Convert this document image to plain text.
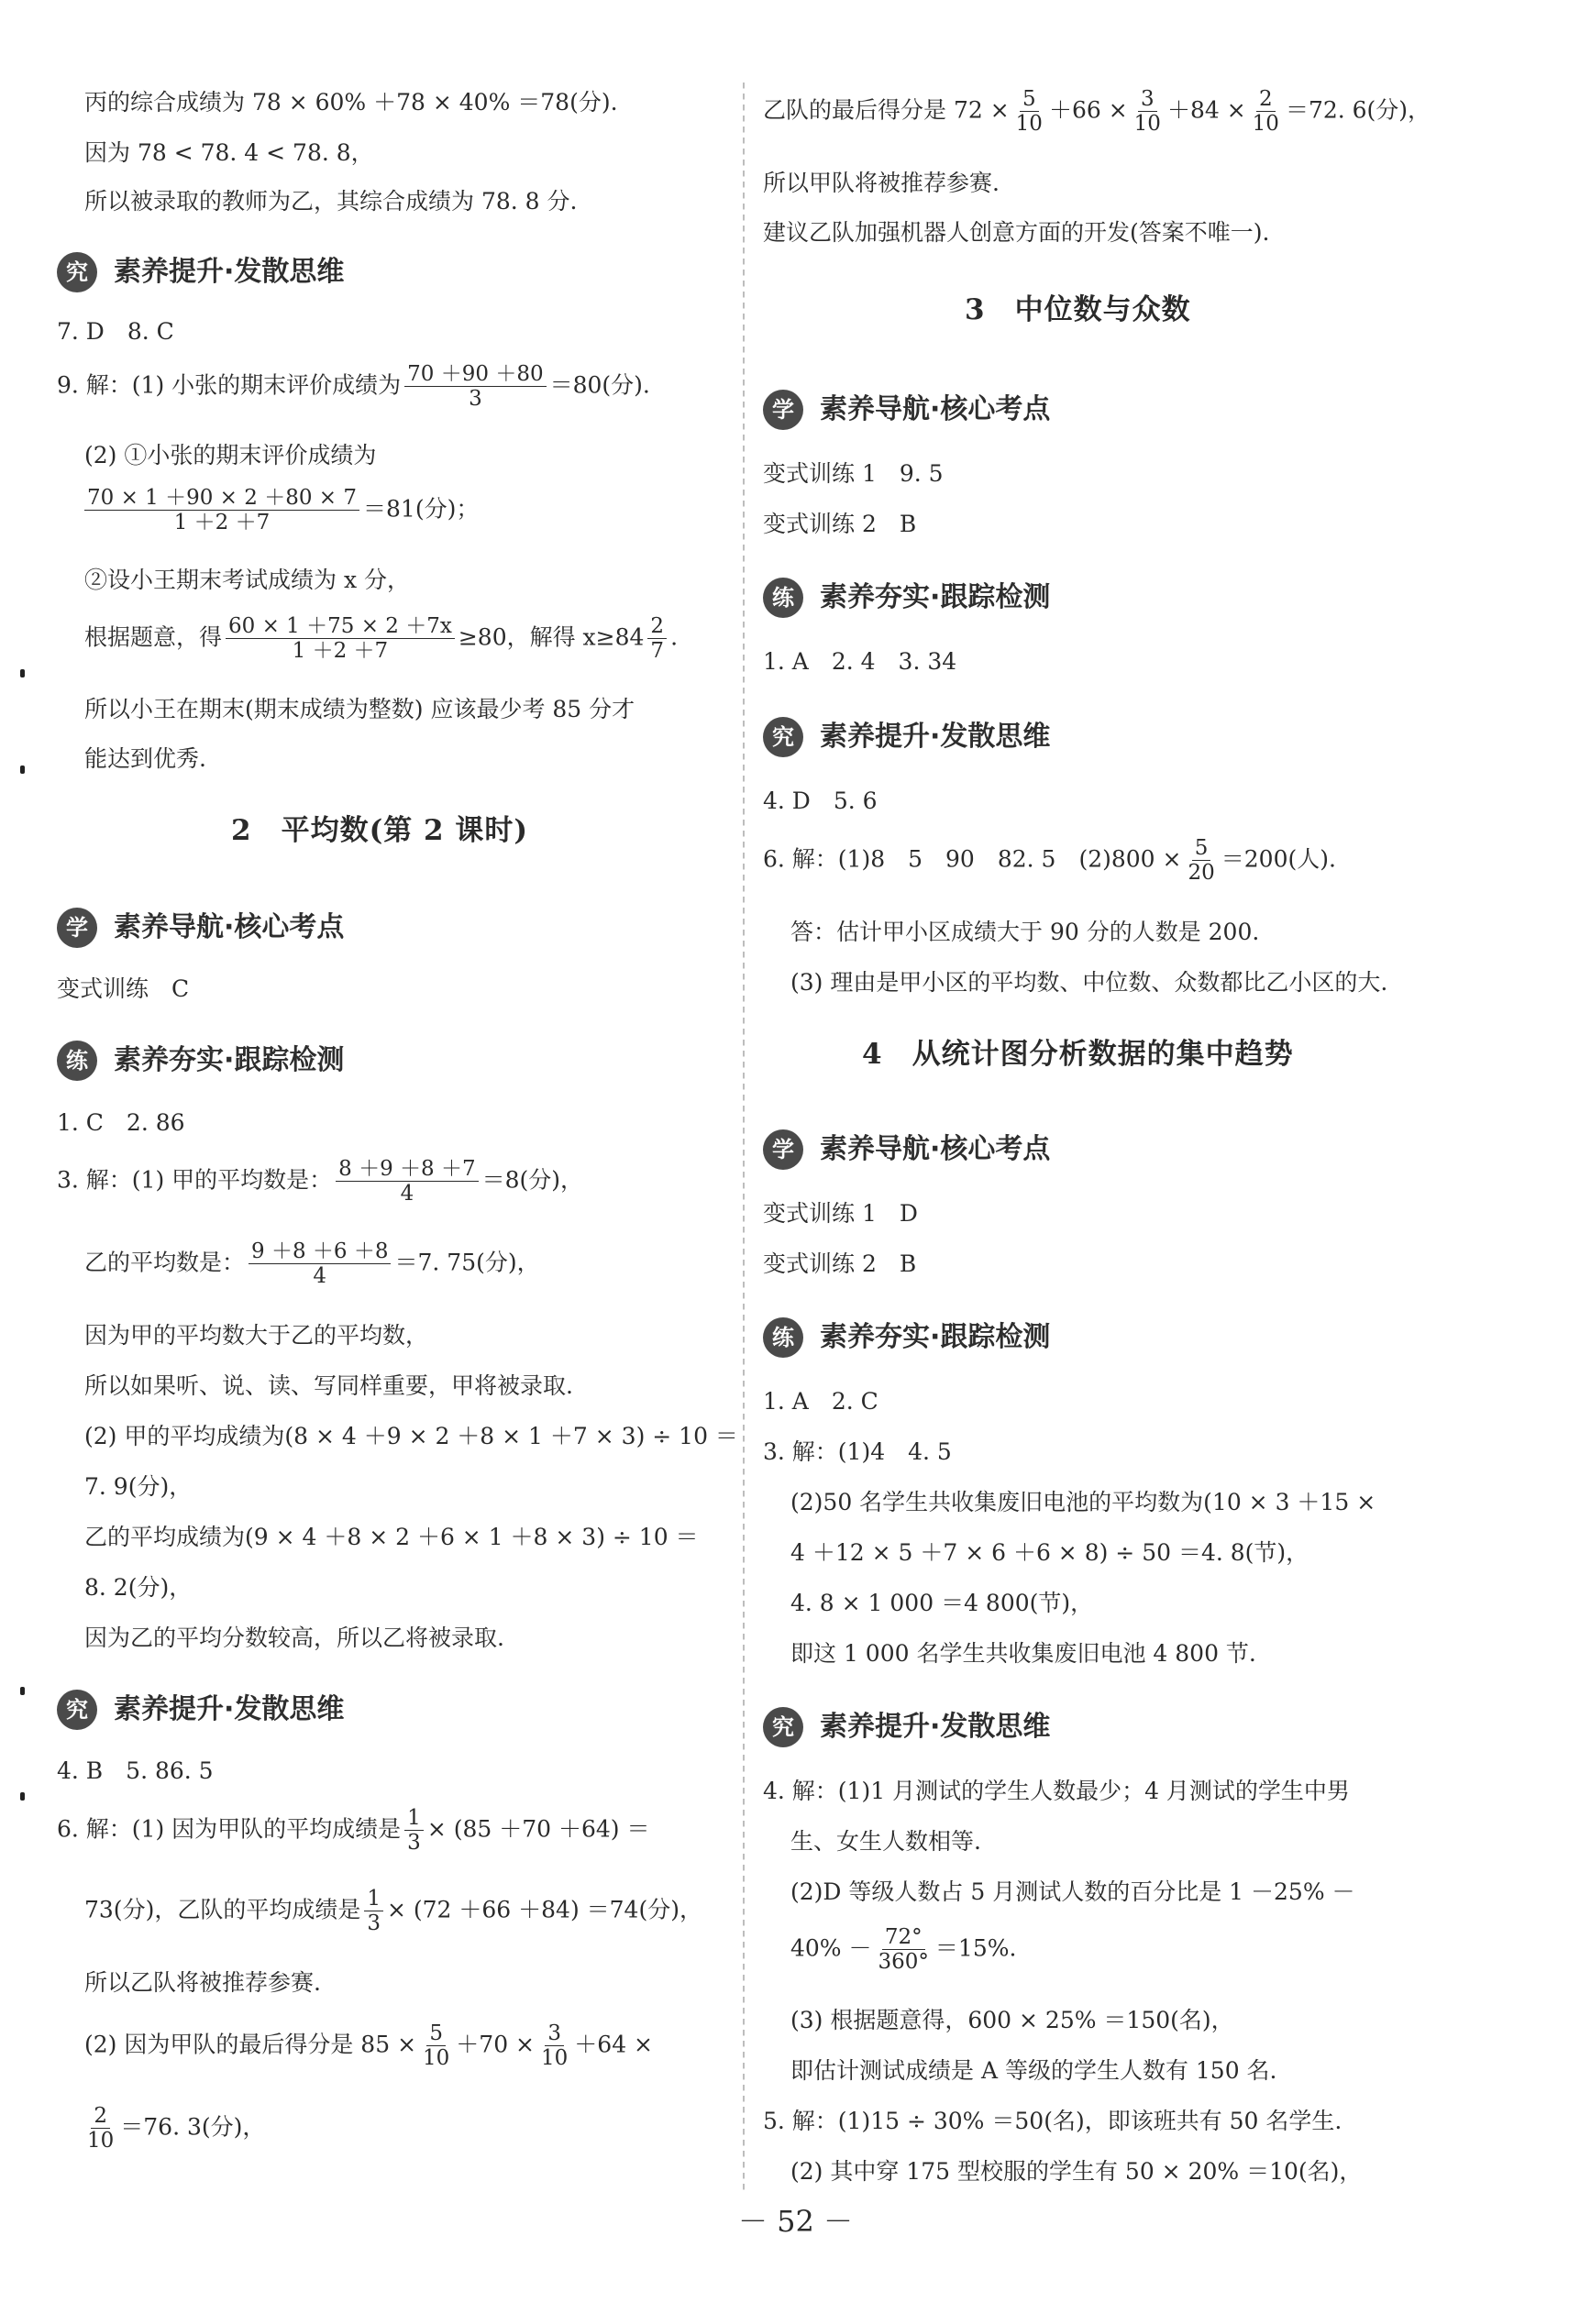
丙的综合成绩为 78 × 60% ＋78 × 40% ＝78(分).
因为 78 < 78. 4 < 78. 8，
所以被录取的教师为乙，其综合成绩为 78. 8 分.
究 素养提升·发散思维
7. D　8. C
9. 解：(1) 小张的期末评价成绩为 $\frac{70 +90 +80}{3} =80$(分).
(2) ①小张的期末评价成绩为
$\frac{70 \times 1 +90 \times 2 +80 \times 7}{1 +2 +7} =81$(分)；
②设小王期末考试成绩为 x 分，
根据题意，得 $\frac{60 \times 1 +75 \times 2 +7x}{1 +2 +7} \ge 80$，解得 $x\ge 84 \frac{2}{7}$ .
所以小王在期末(期末成绩为整数) 应该最少考 85 分才
能达到优秀.
2　平均数(第 2 课时)
学 素养导航·核心考点
变式训练　C
练 素养夯实·跟踪检测
1. C　2. 86
3. 解：(1) 甲的平均数是： $\frac{8 +9 +8 +7}{4} =8$(分)，
乙的平均数是： $\frac{9 +8 +6 +8}{4} =7$. 75(分)，
因为甲的平均数大于乙的平均数，
所以如果听、说、读、写同样重要，甲将被录取.
(2) 甲的平均成绩为(8 × 4 ＋9 × 2 ＋8 × 1 ＋7 × 3) ÷ 10 ＝
7. 9(分)，
乙的平均成绩为(9 × 4 ＋8 × 2 ＋6 × 1 ＋8 × 3) ÷ 10 ＝
8. 2(分)，
因为乙的平均分数较高，所以乙将被录取.
究 素养提升·发散思维
4. B　5. 86. 5
6. 解：(1) 因为甲队的平均成绩是 $\frac{1}{3} \times (85 +70 +64)$ ＝
73(分)，乙队的平均成绩是 $\frac{1}{3} \times (72 +66 +84) =74$(分)，
所以乙队将被推荐参赛.
(2) 因为甲队的最后得分是 $85 \times \frac{5}{10} +70 \times \frac{3}{10} +64$ ×
$\frac{2}{10} =76$. 3(分)，
乙队的最后得分是 $72 \times \frac{5}{10} +66 \times \frac{3}{10} +84 \times \frac{2}{10} =72$. 6(分)，
所以甲队将被推荐参赛.
建议乙队加强机器人创意方面的开发(答案不唯一).
3　中位数与众数
学 素养导航·核心考点
变式训练 1　9. 5
变式训练 2　B
练 素养夯实·跟踪检测
1. A　2. 4　3. 34
究 素养提升·发散思维
4. D　5. 6
6. 解：(1)8　5　90　82. 5　$(2)800 \times \frac{5}{20} =200$(人).
答：估计甲小区成绩大于 90 分的人数是 200.
(3) 理由是甲小区的平均数、中位数、众数都比乙小区的大.
4　从统计图分析数据的集中趋势
学 素养导航·核心考点
变式训练 1　D
变式训练 2　B
练 素养夯实·跟踪检测
1. A　2. C
3. 解：(1)4　4. 5
(2)50 名学生共收集废旧电池的平均数为(10 × 3 ＋15 ×
4 ＋12 × 5 ＋7 × 6 ＋6 × 8) ÷ 50 ＝4. 8(节)，
4. 8 × 1 000 ＝4 800(节)，
即这 1 000 名学生共收集废旧电池 4 800 节.
究 素养提升·发散思维
4. 解：(1)1 月测试的学生人数最少；4 月测试的学生中男
生、女生人数相等.
(2)D 等级人数占 5 月测试人数的百分比是 1 －25% －
$40\% - \frac{72^\circ}{360^\circ} =15\%$.
(3) 根据题意得，600 × 25% ＝150(名)，
即估计测试成绩是 A 等级的学生人数有 150 名.
5. 解：(1)15 ÷ 30% ＝50(名)，即该班共有 50 名学生.
(2) 其中穿 175 型校服的学生有 50 × 20% ＝10(名)，
－ 52 －
